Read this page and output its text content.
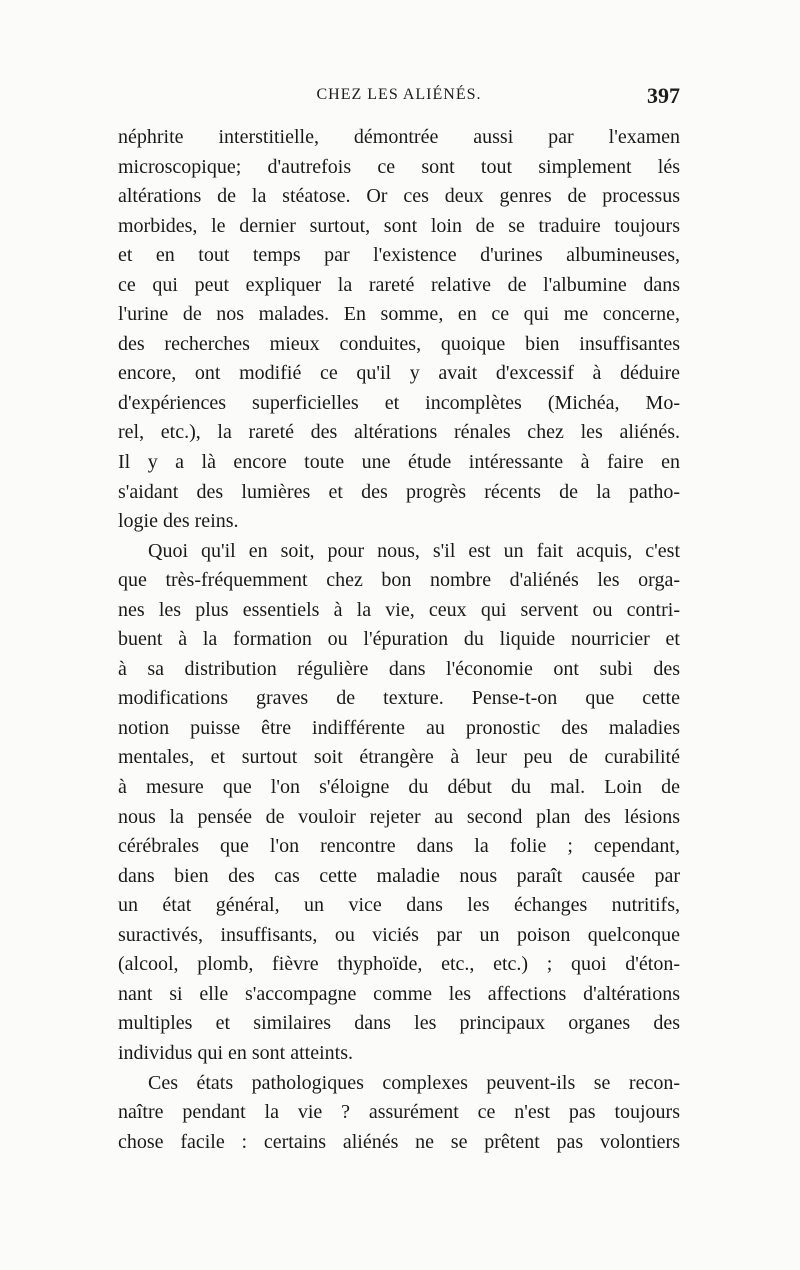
CHEZ LES ALIÉNÉS.	397
néphrite interstitielle, démontrée aussi par l'examen
microscopique; d'autrefois ce sont tout simplement lés
altérations de la stéatose. Or ces deux genres de processus
morbides, le dernier surtout, sont loin de se traduire toujours
et en tout temps par l'existence d'urines albumineuses,
ce qui peut expliquer la rareté relative de l'albumine dans
l'urine de nos malades. En somme, en ce qui me concerne,
des recherches mieux conduites, quoique bien insuffisantes
encore, ont modifié ce qu'il y avait d'excessif à déduire
d'expériences superficielles et incomplètes (Michéa, Mo-
rel, etc.), la rareté des altérations rénales chez les aliénés.
Il y a là encore toute une étude intéressante à faire en
s'aidant des lumières et des progrès récents de la patho-
logie des reins.
Quoi qu'il en soit, pour nous, s'il est un fait acquis, c'est
que très-fréquemment chez bon nombre d'aliénés les orga-
nes les plus essentiels à la vie, ceux qui servent ou contri-
buent à la formation ou l'épuration du liquide nourricier et
à sa distribution régulière dans l'économie ont subi des
modifications graves de texture. Pense-t-on que cette
notion puisse être indifférente au pronostic des maladies
mentales, et surtout soit étrangère à leur peu de curabilité
à mesure que l'on s'éloigne du début du mal. Loin de
nous la pensée de vouloir rejeter au second plan des lésions
cérébrales que l'on rencontre dans la folie ; cependant,
dans bien des cas cette maladie nous paraît causée par
un état général, un vice dans les échanges nutritifs,
suractivés, insuffisants, ou viciés par un poison quelconque
(alcool, plomb, fièvre thyphoïde, etc., etc.) ; quoi d'éton-
nant si elle s'accompagne comme les affections d'altérations
multiples et similaires dans les principaux organes des
individus qui en sont atteints.
Ces états pathologiques complexes peuvent-ils se recon-
naître pendant la vie ? assurément ce n'est pas toujours
chose facile : certains aliénés ne se prêtent pas volontiers
